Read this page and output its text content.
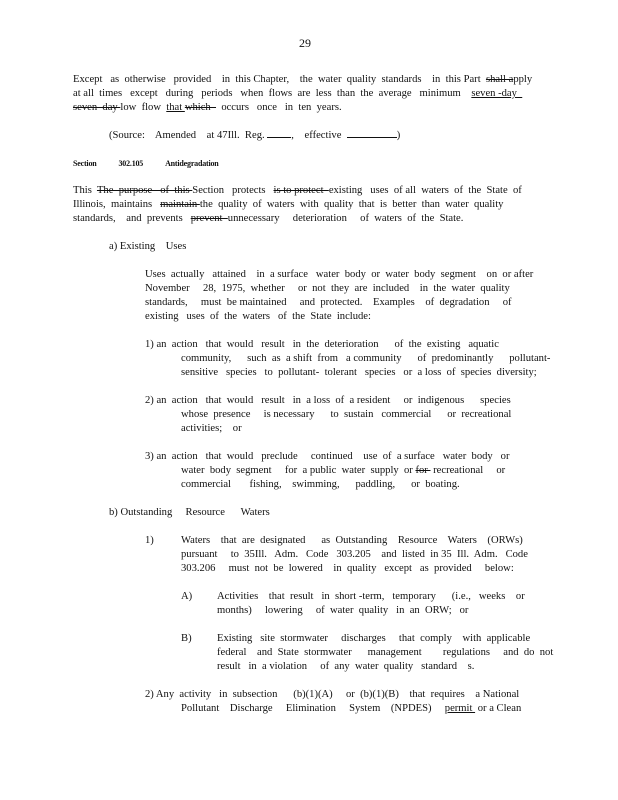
29
Except   as  otherwise   provided    in  this Chapter,    the  water  quality  standards    in  this Part  shall apply
at all  times   except   during   periods   when  flows  are  less  than  the  average   minimum    seven -day
seven  day low  flow  that which    occurs   once   in  ten  years.
(Source:    Amended    at 47Ill.  Reg. ,    effective	)
Section	302.105	Antidegradation
This  The  purpose   of  this Section   protects   is to protect  existing   uses  of all  waters  of  the  State  of
Illinois,  maintains   maintain the  quality  of  waters  with  quality  that  is  better  than  water  quality
standards,    and  prevents   prevent  unnecessary     deterioration     of  waters  of  the  State.
a) Existing    Uses
Uses  actually   attained    in  a surface   water  body  or  water  body  segment    on  or after
November     28,  1975,  whether     or  not  they  are  included    in  the  water  quality
standards,     must  be maintained     and  protected.    Examples    of  degradation     of
existing   uses  of  the  waters   of  the  State  include:
1) an  action   that  would   result   in  the  deterioration      of  the  existing   aquatic
community,      such  as  a shift  from   a community      of  predominantly      pollutant-
sensitive   species   to  pollutant-  tolerant   species   or  a loss  of  species  diversity;
2) an  action   that  would   result   in  a loss  of  a resident     or  indigenous      species
whose  presence     is necessary      to  sustain   commercial      or  recreational
activities;    or
3) an  action   that  would   preclude     continued    use  of  a surface   water  body   or
water  body  segment     for  a public  water  supply  or for  recreational     or
commercial       fishing,    swimming,      paddling,      or  boating.
b) Outstanding     Resource      Waters
1)	Waters    that  are  designated      as  Outstanding    Resource    Waters    (ORWs)
pursuant     to  35Ill.   Adm.   Code   303.205    and  listed  in 35  Ill.  Adm.   Code
303.206     must  not  be  lowered    in  quality   except   as  provided     below:
A) Activities    that  result   in  short -term,   temporary      (i.e.,   weeks    or
months)     lowering     of  water  quality   in  an  ORW;   or
B) Existing   site  stormwater     discharges     that  comply    with  applicable
federal    and  State  stormwater      management        regulations     and  do  not
result   in  a violation     of  any  water  quality   standard    s.
2) Any  activity   in  subsection      (b)(1)(A)     or  (b)(1)(B)    that  requires    a National
Pollutant    Discharge     Elimination     System    (NPDES)     permit  or a Clean
